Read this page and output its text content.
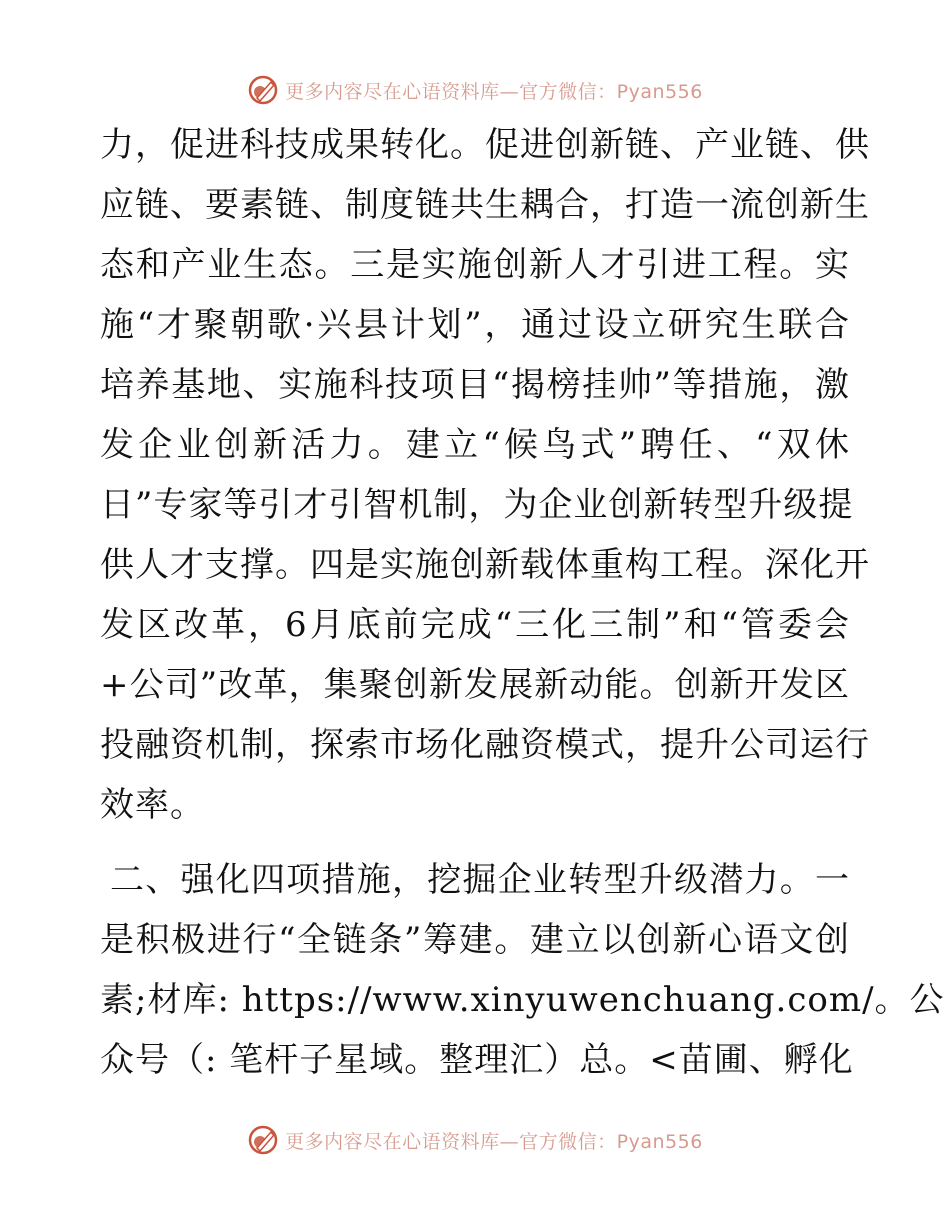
更多内容尽在心语资料库—官方微信：Pyan556
力，促进科技成果转化。促进创新链、产业链、供
应链、要素链、制度链共生耦合，打造一流创新生
态和产业生态。三是实施创新人才引进工程。实
施“才聚朝歌·兴县计划”，通过设立研究生联合
培养基地、实施科技项目“揭榜挂帅”等措施，激
发企业创新活力。建立“候鸟式”聘任、“双休
日”专家等引才引智机制，为企业创新转型升级提
供人才支撑。四是实施创新载体重构工程。深化开
发区改革，6月底前完成“三化三制”和“管委会
+公司”改革，集聚创新发展新动能。创新开发区
投融资机制，探索市场化融资模式，提升公司运行
效率。
二、强化四项措施，挖掘企业转型升级潜力。一
是积极进行“全链条”筹建。建立以创新心语文创
素;材库: https://www.xinyuwenchuang.com/。公
众号（: 笔杆子星域。整理汇）总。<苗圃、孵化
更多内容尽在心语资料库—官方微信：Pyan556
